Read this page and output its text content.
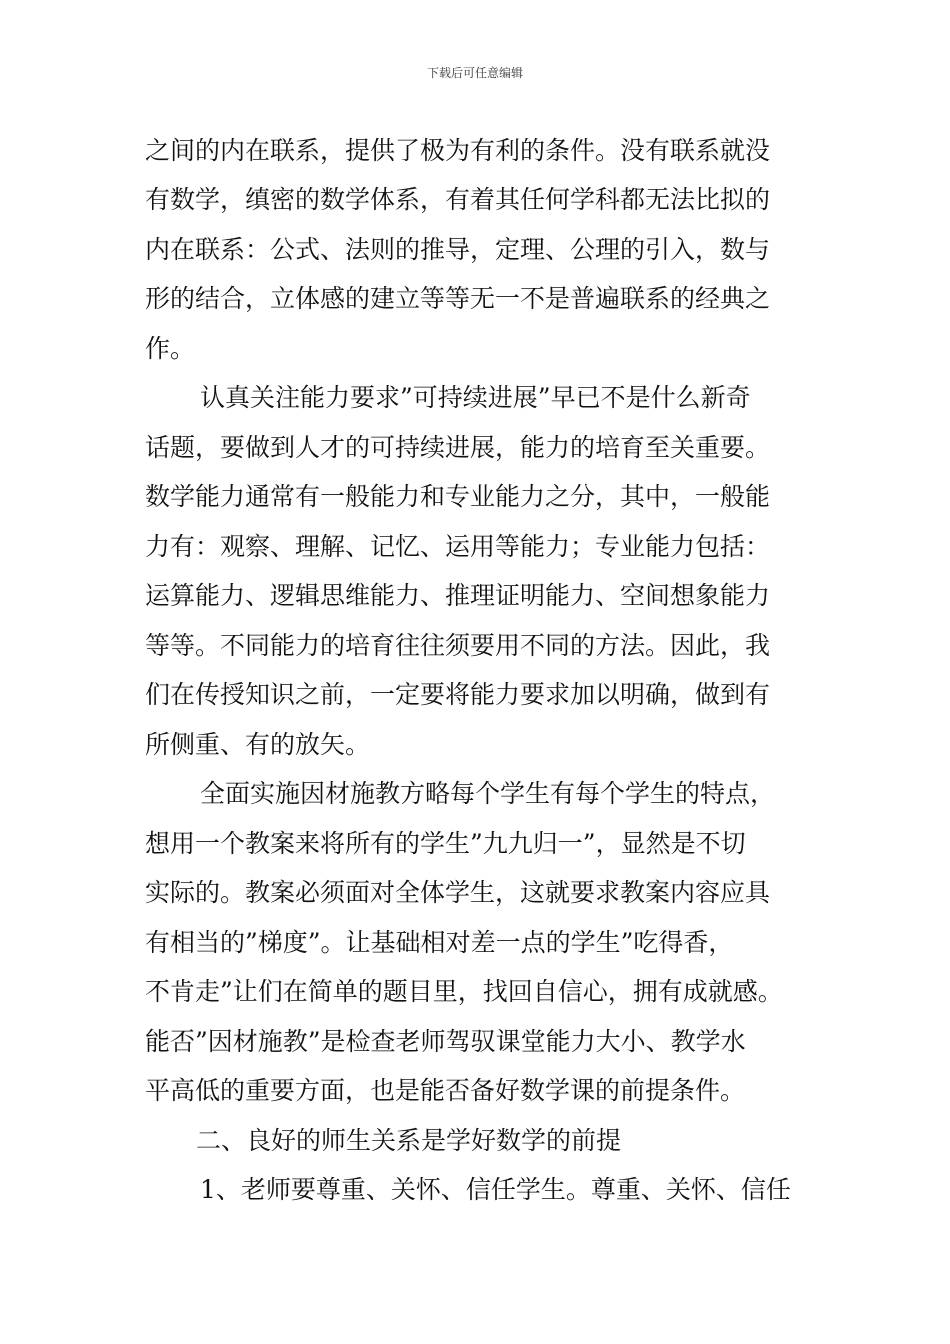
下载后可任意编辑
之间的内在联系，提供了极为有利的条件。没有联系就没
有数学，缜密的数学体系，有着其任何学科都无法比拟的
内在联系：公式、法则的推导，定理、公理的引入，数与
形的结合，立体感的建立等等无一不是普遍联系的经典之
作。
认真关注能力要求”可持续进展”早已不是什么新奇
话题，要做到人才的可持续进展，能力的培育至关重要。
数学能力通常有一般能力和专业能力之分，其中，一般能
力有：观察、理解、记忆、运用等能力；专业能力包括：
运算能力、逻辑思维能力、推理证明能力、空间想象能力
等等。不同能力的培育往往须要用不同的方法。因此，我
们在传授知识之前，一定要将能力要求加以明确，做到有
所侧重、有的放矢。
全面实施因材施教方略每个学生有每个学生的特点，
想用一个教案来将所有的学生”九九归一”，显然是不切
实际的。教案必须面对全体学生，这就要求教案内容应具
有相当的”梯度”。让基础相对差一点的学生”吃得香，
不肯走”让们在简单的题目里，找回自信心，拥有成就感。
能否”因材施教”是检查老师驾驭课堂能力大小、教学水
平高低的重要方面，也是能否备好数学课的前提条件。
二、良好的师生关系是学好数学的前提
1、老师要尊重、关怀、信任学生。尊重、关怀、信任
